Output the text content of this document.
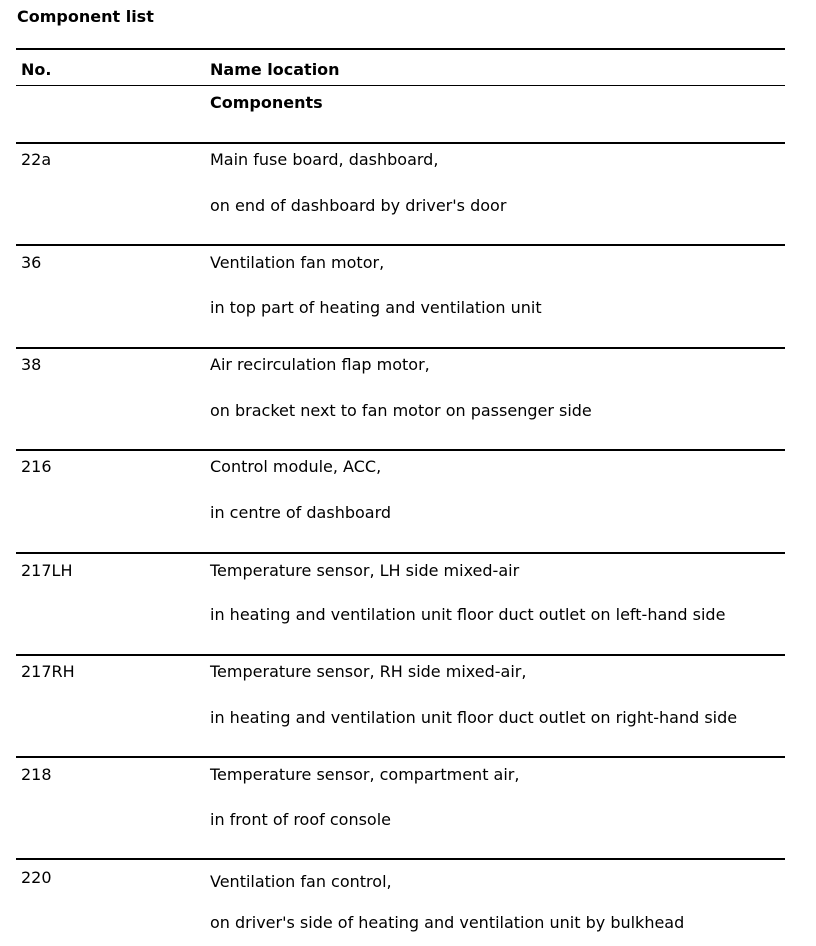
Component list
No.	Name location
Components
22a	Main fuse board, dashboard,
on end of dashboard by driver's door
36	Ventilation fan motor,
in top part of heating and ventilation unit
38	Air recirculation flap motor,
on bracket next to fan motor on passenger side
216	Control module, ACC,
in centre of dashboard
217LH	Temperature sensor, LH side mixed-air
in heating and ventilation unit floor duct outlet on left-hand side
217RH	Temperature sensor, RH side mixed-air,
in heating and ventilation unit floor duct outlet on right-hand side
218	Temperature sensor, compartment air,
in front of roof console
220	Ventilation fan control,
on driver's side of heating and ventilation unit by bulkhead
